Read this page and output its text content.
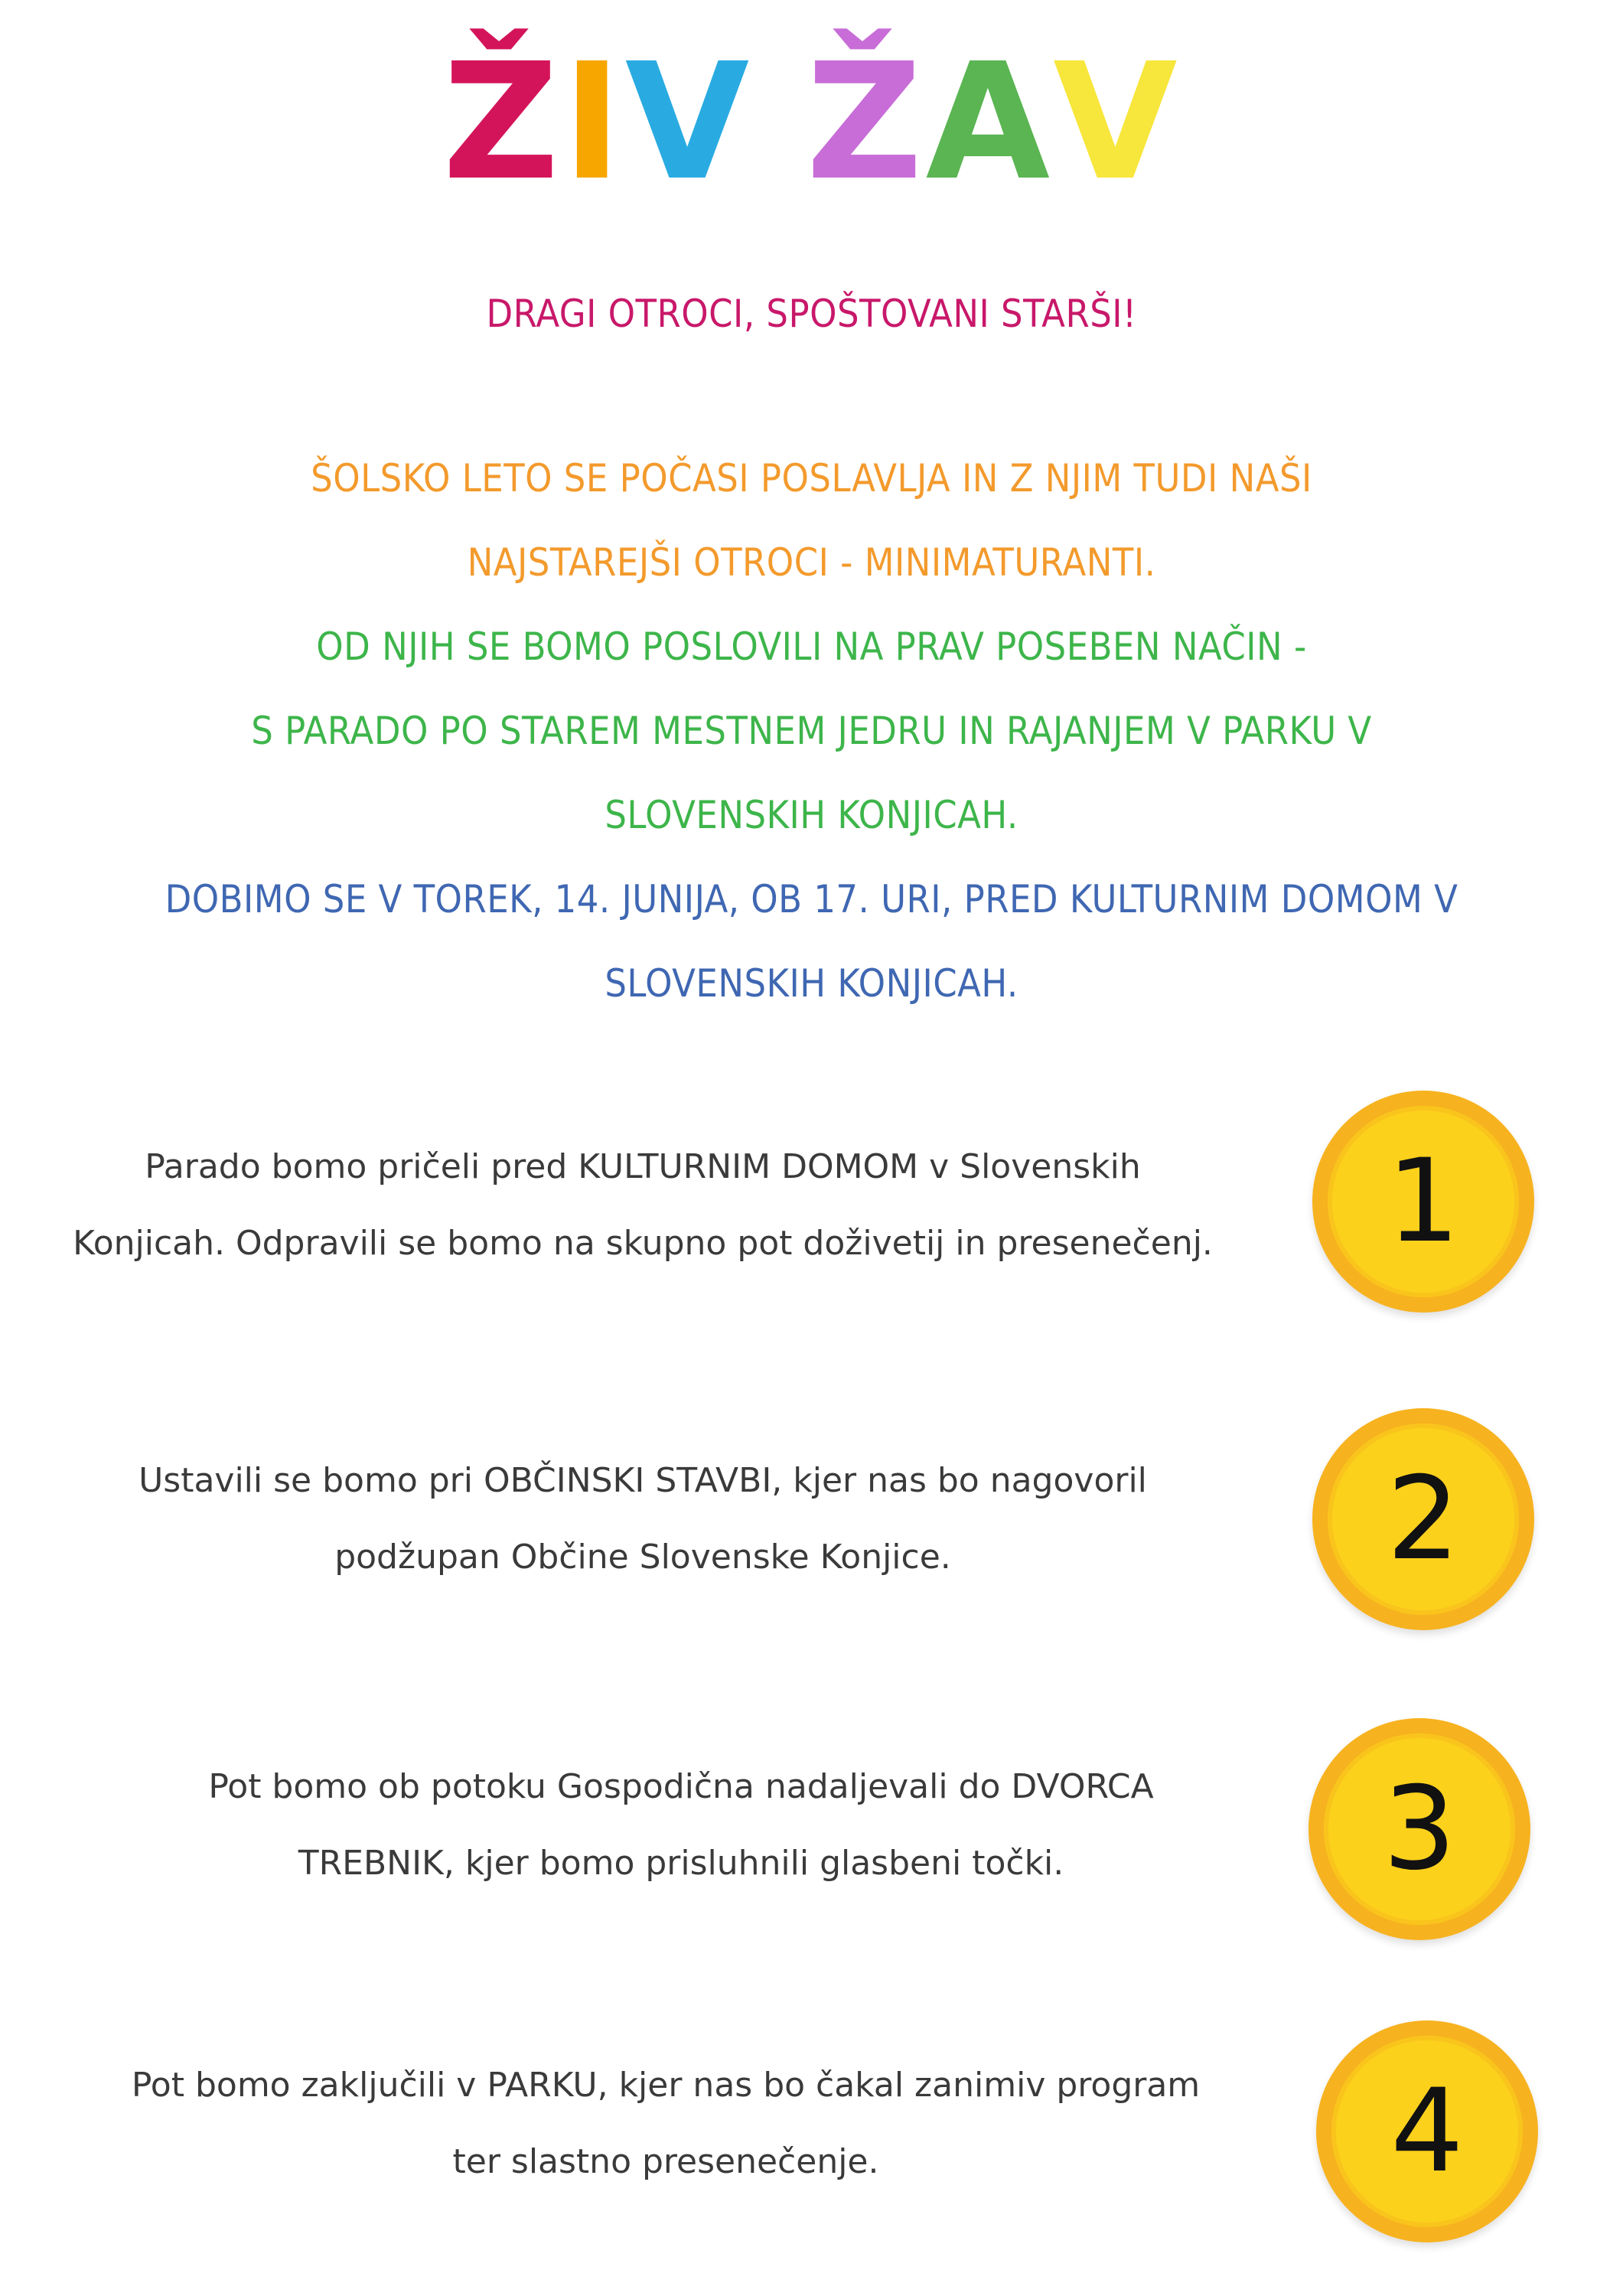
ŽIV ŽAV
DRAGI OTROCI, SPOŠTOVANI STARŠI!
ŠOLSKO LETO SE POČASI POSLAVLJA IN Z NJIM TUDI NAŠI
NAJSTAREJŠI OTROCI - MINIMATURANTI.
OD NJIH SE BOMO POSLOVILI NA PRAV POSEBEN NAČIN -
S PARADO PO STAREM MESTNEM JEDRU IN RAJANJEM V PARKU V
SLOVENSKIH KONJICAH.
DOBIMO SE V TOREK, 14. JUNIJA, OB 17. URI, PRED KULTURNIM DOMOM V
SLOVENSKIH KONJICAH.
Parado bomo pričeli pred KULTURNIM DOMOM v Slovenskih
Konjicah. Odpravili se bomo na skupno pot doživetij in presenečenj.	1
Ustavili se bomo pri OBČINSKI STAVBI, kjer nas bo nagovoril
podžupan Občine Slovenske Konjice.	2
Pot bomo ob potoku Gospodična nadaljevali do DVORCA
TREBNIK, kjer bomo prisluhnili glasbeni točki.	3
Pot bomo zaključili v PARKU, kjer nas bo čakal zanimiv program
ter slastno presenečenje.	4
